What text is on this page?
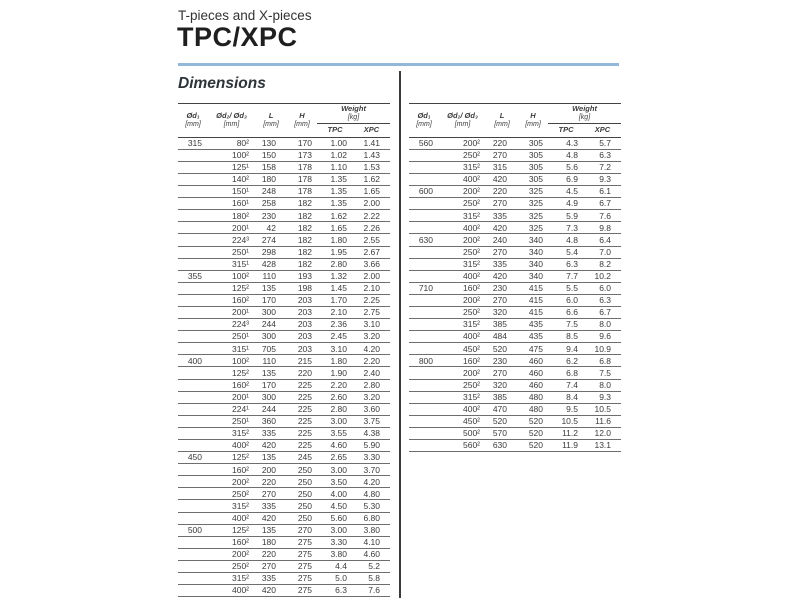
T-pieces and X-pieces
TPC/XPC
Dimensions
Ød₁
[mm]

Ød₂/ Ød₃
[mm]

L
[mm]

H
[mm]

Weight
[kg]

				TPC	XPC
315	80²	130	170	1.00	1.41
	100²	150	173	1.02	1.43
	125¹	158	178	1.10	1.53
	140²	180	178	1.35	1.62
	150¹	248	178	1.35	1.65
	160¹	258	182	1.35	2.00
	180²	230	182	1.62	2.22
	200¹	42	182	1.65	2.26
	224³	274	182	1.80	2.55
	250¹	298	182	1.95	2.67
	315¹	428	182	2.80	3.66
355	100²	110	193	1.32	2.00
	125²	135	198	1.45	2.10
	160²	170	203	1.70	2.25
	200¹	300	203	2.10	2.75
	224³	244	203	2.36	3.10
	250¹	300	203	2.45	3.20
	315¹	705	203	3.10	4.20
400	100²	110	215	1.80	2.20
	125²	135	220	1.90	2.40
	160²	170	225	2.20	2.80
	200¹	300	225	2.60	3.20
	224¹	244	225	2.80	3.60
	250¹	360	225	3.00	3.75
	315²	335	225	3.55	4.38
	400²	420	225	4.60	5.90
450	125²	135	245	2.65	3.30
	160²	200	250	3.00	3.70
	200²	220	250	3.50	4.20
	250²	270	250	4.00	4.80
	315²	335	250	4.50	5.30
	400²	420	250	5.60	6.80
500	125²	135	270	3.00	3.80
	160²	180	275	3.30	4.10
	200²	220	275	3.80	4.60
	250²	270	275	4.4	5.2
	315²	335	275	5.0	5.8
	400²	420	275	6.3	7.6
Ød₁
[mm]

Ød₂/ Ød₃
[mm]

L
[mm]

H
[mm]

Weight
[kg]

				TPC	XPC
560	200²	220	305	4.3	5.7
	250²	270	305	4.8	6.3
	315²	315	305	5.6	7.2
	400²	420	305	6.9	9.3
600	200²	220	325	4.5	6.1
	250²	270	325	4.9	6.7
	315²	335	325	5.9	7.6
	400²	420	325	7.3	9.8
630	200²	240	340	4.8	6.4
	250²	270	340	5.4	7.0
	315²	335	340	6.3	8.2
	400²	420	340	7.7	10.2
710	160²	230	415	5.5	6.0
	200²	270	415	6.0	6.3
	250²	320	415	6.6	6.7
	315²	385	435	7.5	8.0
	400²	484	435	8.5	9.6
	450²	520	475	9.4	10.9
800	160²	230	460	6.2	6.8
	200²	270	460	6.8	7.5
	250²	320	460	7.4	8.0
	315²	385	480	8.4	9.3
	400²	470	480	9.5	10.5
	450²	520	520	10.5	11.6
	500²	570	520	11.2	12.0
	560²	630	520	11.9	13.1
